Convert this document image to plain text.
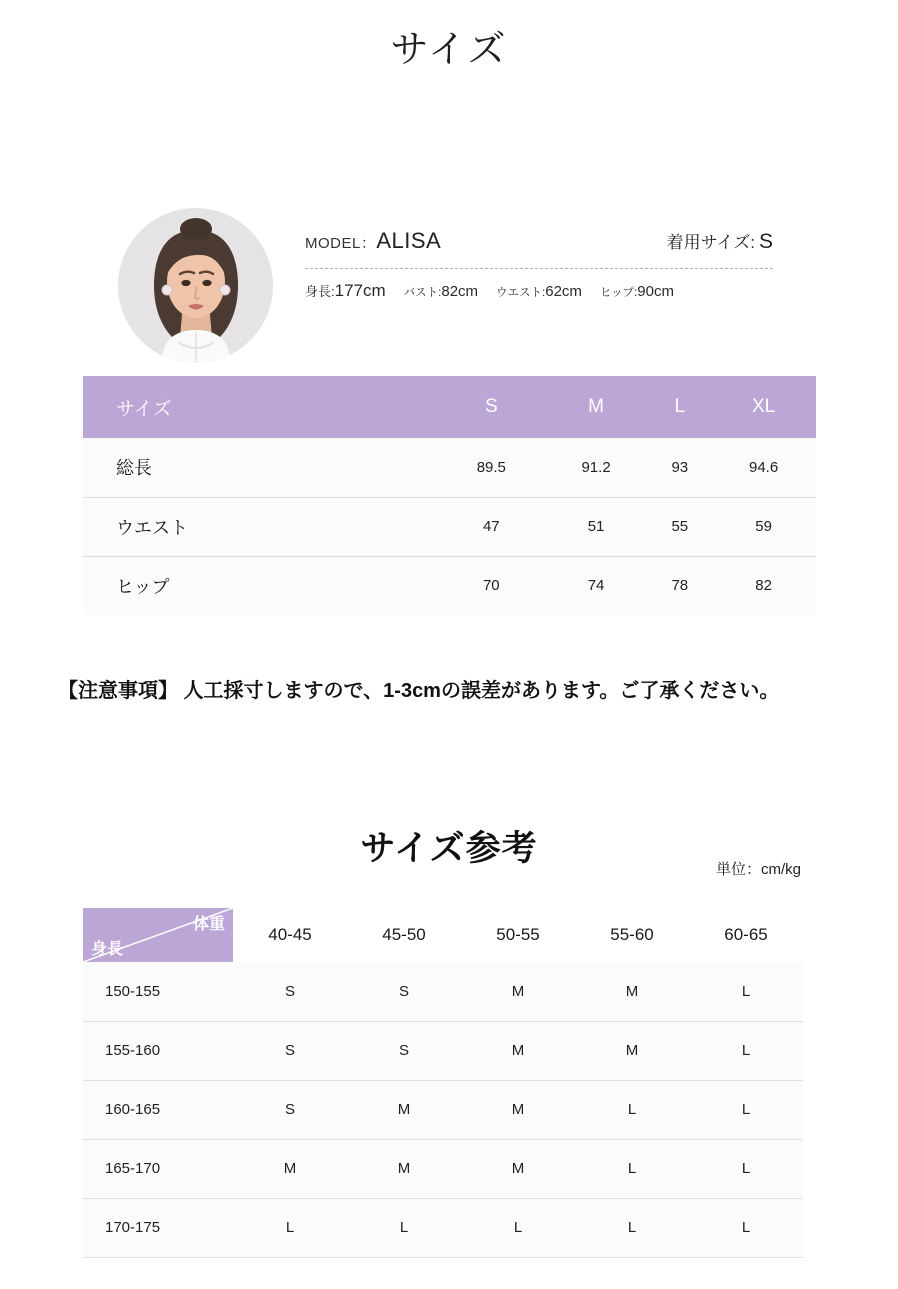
サイズ
MODEL：ALISA	着用サイズ: S
身長:177cm バスト:82cm ウエスト:62cm ヒップ:90cm
サイズ	S	M	L	XL
総長	89.5	91.2	93	94.6
ウエスト	47	51	55	59
ヒップ	70	74	78	82
【注意事項】 人工採寸しますので、1-3cmの誤差があります。ご了承ください。
サイズ参考
単位：cm/kg
体重
身長	40-45	45-50	50-55	55-60	60-65
150-155	S	S	M	M	L
155-160	S	S	M	M	L
160-165	S	M	M	L	L
165-170	M	M	M	L	L
170-175	L	L	L	L	L
